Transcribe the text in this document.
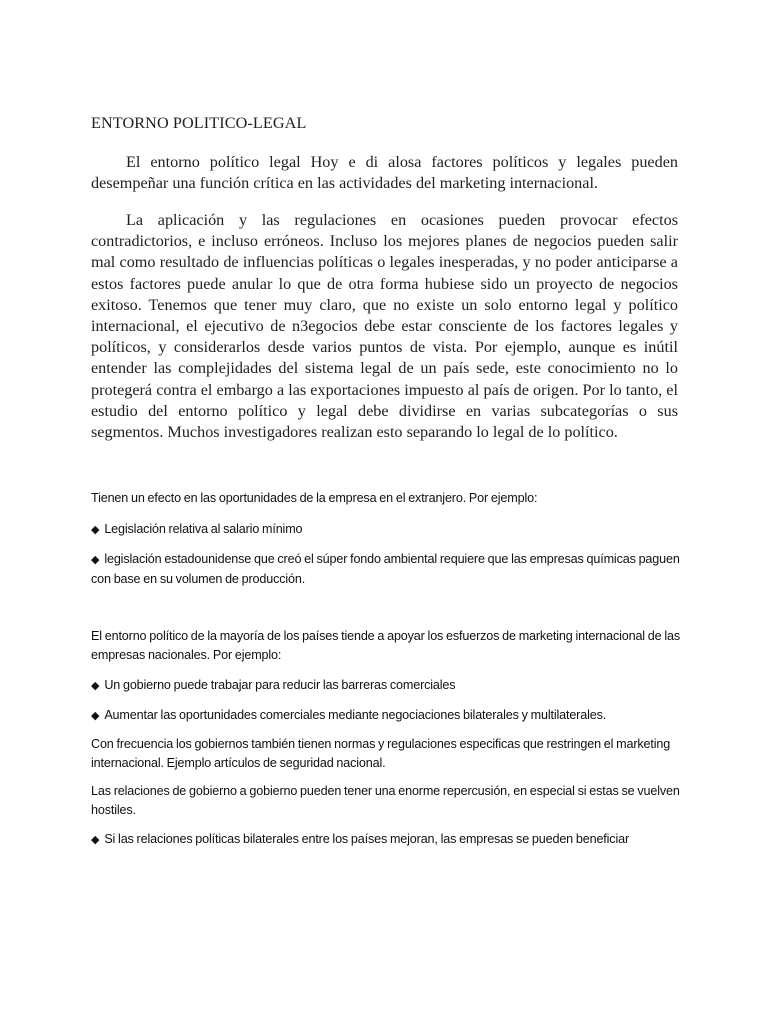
ENTORNO POLITICO-LEGAL

El entorno político legal Hoy e di alosa factores políticos y legales pueden desempeñar una función crítica en las actividades del marketing internacional.

La aplicación y las regulaciones en ocasiones pueden provocar efectos contradictorios, e incluso erróneos. Incluso los mejores planes de negocios pueden salir mal como resultado de influencias políticas o legales inesperadas, y no poder anticiparse a estos factores puede anular lo que de otra forma hubiese sido un proyecto de negocios exitoso. Tenemos que tener muy claro, que no existe un solo entorno legal y político internacional, el ejecutivo de n3egocios debe estar consciente de los factores legales y políticos, y considerarlos desde varios puntos de vista. Por ejemplo, aunque es inútil entender las complejidades del sistema legal de un país sede, este conocimiento no lo protegerá contra el embargo a las exportaciones impuesto al país de origen. Por lo tanto, el estudio del entorno político y legal debe dividirse en varias subcategorías o sus segmentos. Muchos investigadores realizan esto separando lo legal de lo político.

Tienen un efecto en las oportunidades de la empresa en el extranjero. Por ejemplo:

◆ Legislación relativa al salario mínimo

◆ legislación estadounidense que creó el súper fondo ambiental requiere que las empresas químicas paguen con base en su volumen de producción.

El entorno político de la mayoría de los países tiende a apoyar los esfuerzos de marketing internacional de las empresas nacionales. Por ejemplo:

◆ Un gobierno puede trabajar para reducir las barreras comerciales

◆ Aumentar las oportunidades comerciales mediante negociaciones bilaterales y multilaterales.

Con frecuencia los gobiernos también tienen normas y regulaciones especificas que restringen el marketing internacional. Ejemplo artículos de seguridad nacional.

Las relaciones de gobierno a gobierno pueden tener una enorme repercusión, en especial si estas se vuelven hostiles.

◆ Si las relaciones políticas bilaterales entre los países mejoran, las empresas se pueden beneficiar
